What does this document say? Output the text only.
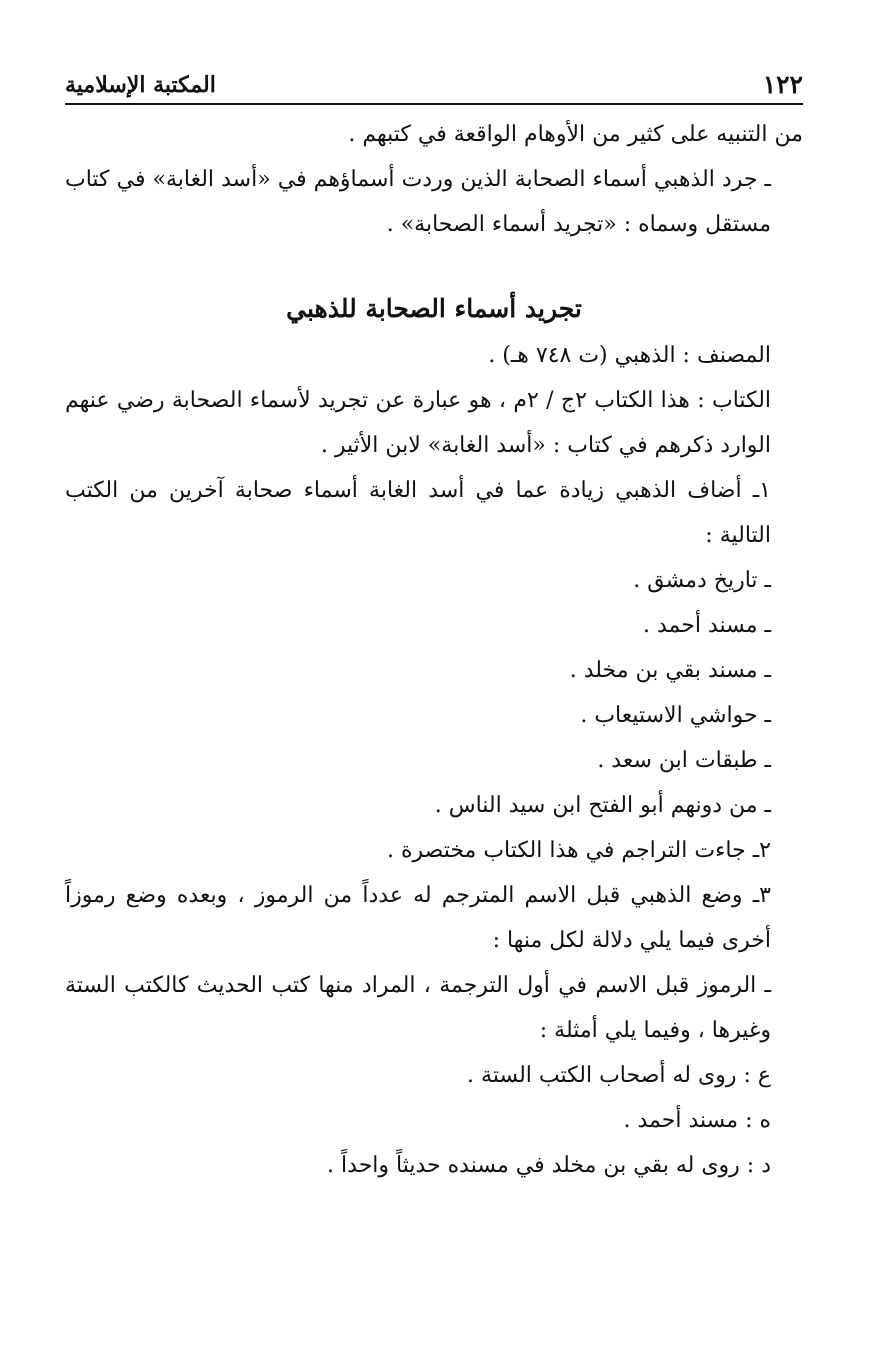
١٢٢
المكتبة الإسلامية

من التنبيه على كثير من الأوهام الواقعة في كتبهم .

ـ جرد الذهبي أسماء الصحابة الذين وردت أسماؤهم في «أسد الغابة» في كتاب مستقل وسماه : «تجريد أسماء الصحابة» .

تجريد أسماء الصحابة للذهبي

المصنف : الذهبي (ت ٧٤٨ هـ) .

الكتاب : هذا الكتاب ٢ج / ٢م ، هو عبارة عن تجريد لأسماء الصحابة رضي عنهم الوارد ذكرهم في كتاب : «أسد الغابة» لابن الأثير .

١ـ أضاف الذهبي زيادة عما في أسد الغابة أسماء صحابة آخرين من الكتب التالية :

ـ تاريخ دمشق .

ـ مسند أحمد .

ـ مسند بقي بن مخلد .

ـ حواشي الاستيعاب .

ـ طبقات ابن سعد .

ـ من دونهم أبو الفتح ابن سيد الناس .

٢ـ جاءت التراجم في هذا الكتاب مختصرة .

٣ـ وضع الذهبي قبل الاسم المترجم له عدداً من الرموز ، وبعده وضع رموزاً أخرى فيما يلي دلالة لكل منها :

ـ الرموز قبل الاسم في أول الترجمة ، المراد منها كتب الحديث كالكتب الستة وغيرها ، وفيما يلي أمثلة :

ع : روى له أصحاب الكتب الستة .

ه : مسند أحمد .

د : روى له بقي بن مخلد في مسنده حديثاً واحداً .
